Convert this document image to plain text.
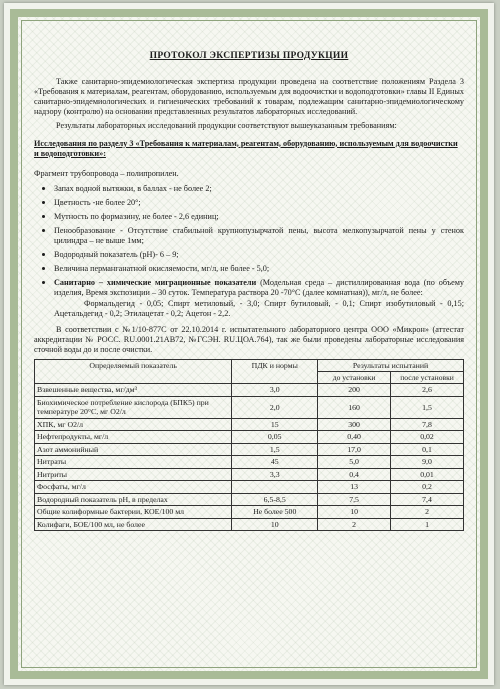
ПРОТОКОЛ ЭКСПЕРТИЗЫ ПРОДУКЦИИ

Также санитарно-эпидемиологическая экспертиза продукции проведена на соответствие положениям Раздела 3 «Требования к материалам, реагентам, оборудованию, используемым для водоочистки и водоподготовки» главы II Единых санитарно-эпидемиологических и гигиенических требований к товарам, подлежащим санитарно-эпидемиологическому надзору (контролю) на основании представленных результатов лабораторных исследований.

Результаты лабораторных исследований продукции соответствуют вышеуказанным требованиям:

Исследования по разделу 3 «Требования к материалам, реагентам, оборудованию, используемым для водоочистки и водоподготовки»:

Фрагмент трубопровода – полипропилен.

• Запах водной вытяжки, в баллах - не более 2;
• Цветность -не более 20°;
• Мутность по формазину, не более - 2,6 единиц;
• Пенообразование - Отсутствие стабильной крупнопузырчатой пены, высота мелкопузырчатой пены у стенок цилиндра – не выше 1мм;
• Водородный показатель (рН)- 6 – 9;
• Величина перманганатной окисляемости, мг/л, не более - 5,0;
• Санитарно – химические миграционные показатели (Модельная среда – дистиллированная вода (по объему изделия, Время экспозиции – 30 суток. Температура раствора 20 -70°С (далее комнатная)), мг/л, не более:
Формальдегид - 0,05; Спирт метиловый, - 3,0; Спирт бутиловый, - 0,1; Спирт изобутиловый - 0,15; Ацетальдегид - 0,2; Этилацетат - 0,2; Ацетон - 2,2.

В соответствии с №1/10-877С от 22.10.2014 г. испытательного лабораторного центра ООО «Микрон» (аттестат аккредитации № РОСС. RU.0001.21АВ72, №ГСЭН. RU.ЦОА.764), так же были проведены лабораторные исследования сточной воды до и после очистки.

Определяемый показатель	ПДК и нормы	Результаты испытаний	
		до установки	после установки
Взвешенные вещества, мг/дм³	3,0	200	2,6
Биохимическое потребление кислорода (БПК5) при температуре 20°С, мг О2/л	2,0	160	1,5
ХПК, мг О2/л	15	300	7,8
Нефтепродукты, мг/л	0,05	0,40	0,02
Азот аммонийный	1,5	17,0	0,1
Нитраты	45	5,0	9,0
Нитриты	3,3	0,4	0,01
Фосфаты, мг/л		13	0,2
Водородный показатель рН, в пределах	6,5-8,5	7,5	7,4
Общие колиформные бактерии, КОЕ/100 мл	Не более 500	10	2
Колифаги, БОЕ/100 мл, не более	10	2	1
